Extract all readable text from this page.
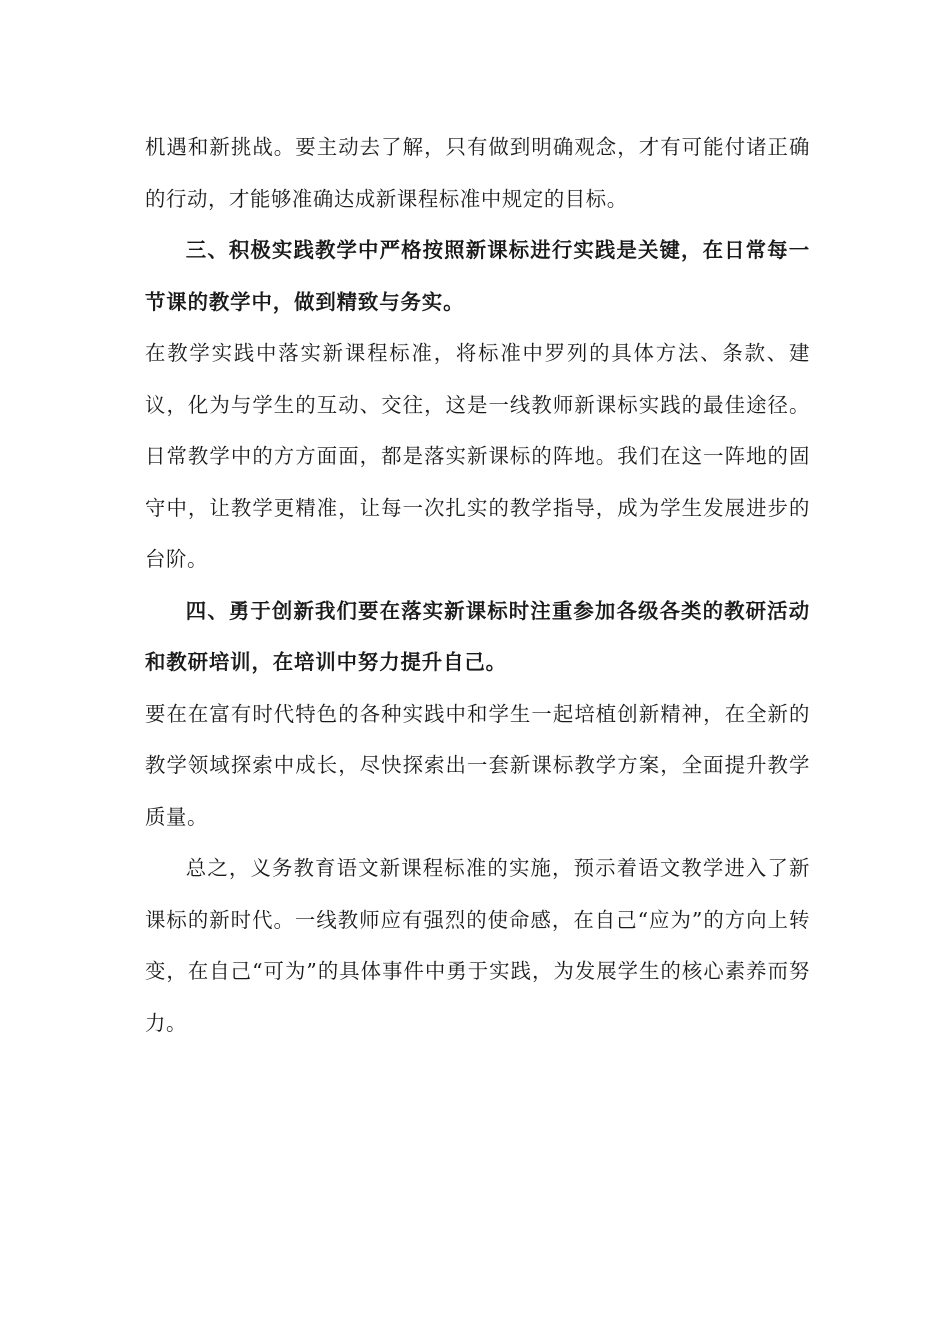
机遇和新挑战。要主动去了解，只有做到明确观念，才有可能付诸正确的行动，才能够准确达成新课程标准中规定的目标。

三、积极实践教学中严格按照新课标进行实践是关键，在日常每一节课的教学中，做到精致与务实。

在教学实践中落实新课程标准，将标准中罗列的具体方法、条款、建议，化为与学生的互动、交往，这是一线教师新课标实践的最佳途径。日常教学中的方方面面，都是落实新课标的阵地。我们在这一阵地的固守中，让教学更精准，让每一次扎实的教学指导，成为学生发展进步的台阶。

四、勇于创新我们要在落实新课标时注重参加各级各类的教研活动和教研培训，在培训中努力提升自己。

要在在富有时代特色的各种实践中和学生一起培植创新精神，在全新的教学领域探索中成长，尽快探索出一套新课标教学方案，全面提升教学质量。

总之，义务教育语文新课程标准的实施，预示着语文教学进入了新课标的新时代。一线教师应有强烈的使命感，在自己“应为”的方向上转变，在自己“可为”的具体事件中勇于实践，为发展学生的核心素养而努力。
